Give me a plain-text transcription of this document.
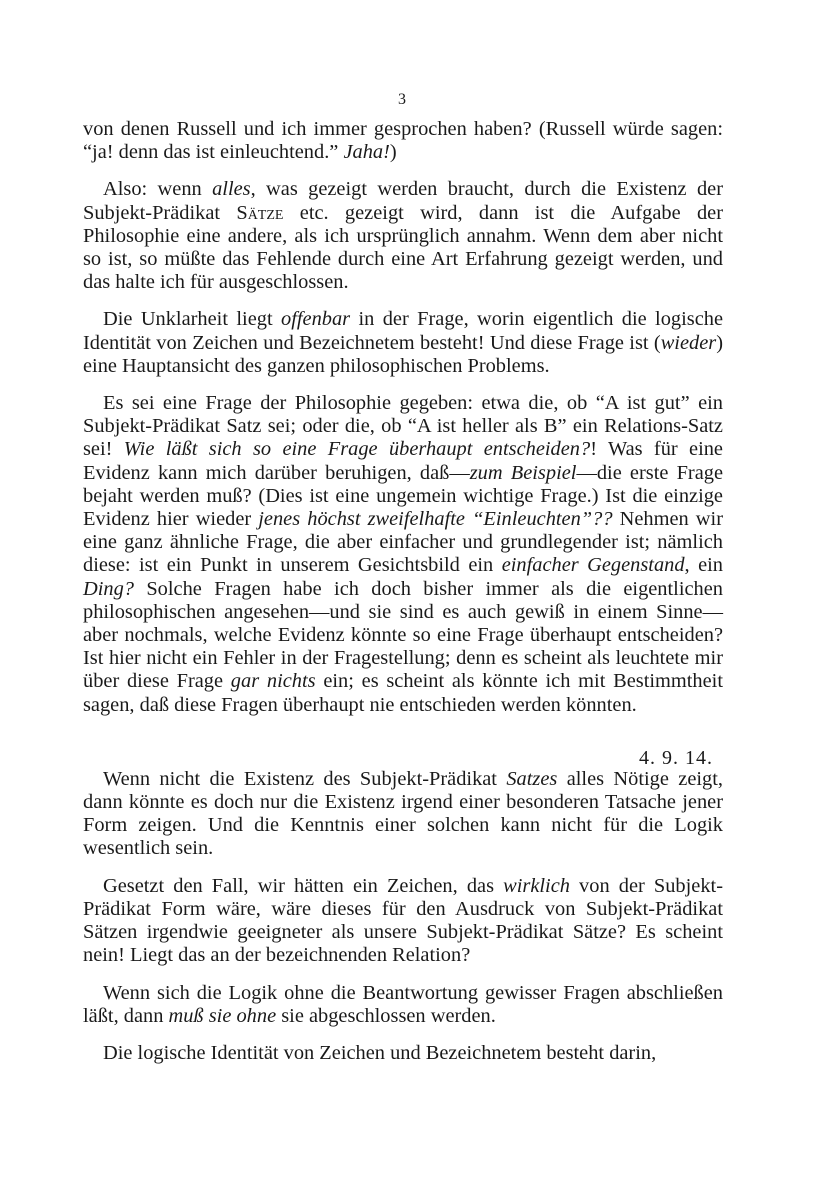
3

von denen Russell und ich immer gesprochen haben? (Russell würde sagen: “ja! denn das ist einleuchtend.” Jaha!)

Also: wenn alles, was gezeigt werden braucht, durch die Existenz der Subjekt-Prädikat Sätze etc. gezeigt wird, dann ist die Aufgabe der Philosophie eine andere, als ich ursprünglich annahm. Wenn dem aber nicht so ist, so müßte das Fehlende durch eine Art Erfahrung gezeigt werden, und das halte ich für ausgeschlossen.

Die Unklarheit liegt offenbar in der Frage, worin eigentlich die logische Identität von Zeichen und Bezeichnetem besteht! Und diese Frage ist (wieder) eine Hauptansicht des ganzen philosophischen Problems.

Es sei eine Frage der Philosophie gegeben: etwa die, ob “A ist gut” ein Subjekt-Prädikat Satz sei; oder die, ob “A ist heller als B” ein Relations-Satz sei! Wie läßt sich so eine Frage überhaupt entscheiden?! Was für eine Evidenz kann mich darüber beruhigen, daß—zum Beispiel—die erste Frage bejaht werden muß? (Dies ist eine ungemein wichtige Frage.) Ist die einzige Evidenz hier wieder jenes höchst zweifelhafte “Einleuchten”?? Nehmen wir eine ganz ähnliche Frage, die aber einfacher und grundlegender ist; nämlich diese: ist ein Punkt in unserem Gesichtsbild ein einfacher Gegenstand, ein Ding? Solche Fragen habe ich doch bisher immer als die eigentlichen philosophischen angesehen—und sie sind es auch gewiß in einem Sinne—aber nochmals, welche Evidenz könnte so eine Frage überhaupt entscheiden? Ist hier nicht ein Fehler in der Fragestellung; denn es scheint als leuchtete mir über diese Frage gar nichts ein; es scheint als könnte ich mit Bestimmtheit sagen, daß diese Fragen überhaupt nie entschieden werden könnten.

4. 9. 14.

Wenn nicht die Existenz des Subjekt-Prädikat Satzes alles Nötige zeigt, dann könnte es doch nur die Existenz irgend einer besonderen Tatsache jener Form zeigen. Und die Kenntnis einer solchen kann nicht für die Logik wesentlich sein.

Gesetzt den Fall, wir hätten ein Zeichen, das wirklich von der Subjekt-Prädikat Form wäre, wäre dieses für den Ausdruck von Subjekt-Prädikat Sätzen irgendwie geeigneter als unsere Subjekt-Prädikat Sätze? Es scheint nein! Liegt das an der bezeichnenden Relation?

Wenn sich die Logik ohne die Beantwortung gewisser Fragen abschließen läßt, dann muß sie ohne sie abgeschlossen werden.

Die logische Identität von Zeichen und Bezeichnetem besteht darin,
